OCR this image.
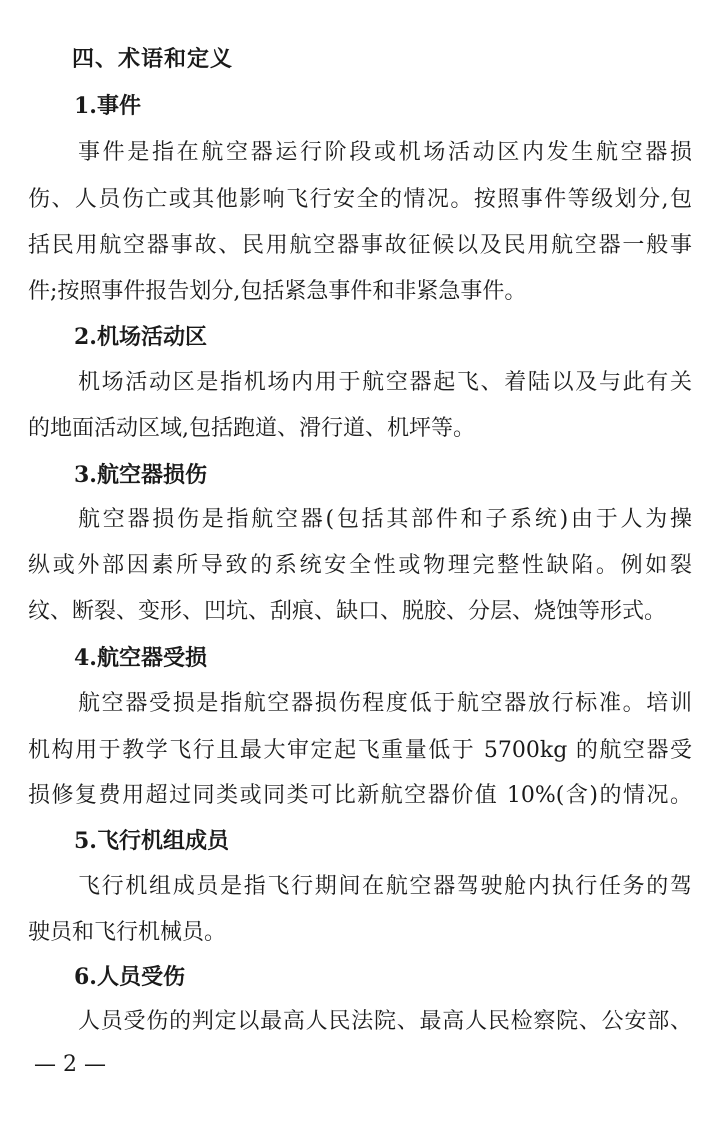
四、术语和定义
1.事件
事件是指在航空器运行阶段或机场活动区内发生航空器损
伤、人员伤亡或其他影响飞行安全的情况。按照事件等级划分,包
括民用航空器事故、民用航空器事故征候以及民用航空器一般事
件;按照事件报告划分,包括紧急事件和非紧急事件。
2.机场活动区
机场活动区是指机场内用于航空器起飞、着陆以及与此有关
的地面活动区域,包括跑道、滑行道、机坪等。
3.航空器损伤
航空器损伤是指航空器(包括其部件和子系统)由于人为操
纵或外部因素所导致的系统安全性或物理完整性缺陷。例如裂
纹、断裂、变形、凹坑、刮痕、缺口、脱胶、分层、烧蚀等形式。
4.航空器受损
航空器受损是指航空器损伤程度低于航空器放行标准。培训
机构用于教学飞行且最大审定起飞重量低于 5700kg 的航空器受
损修复费用超过同类或同类可比新航空器价值 10%(含)的情况。
5.飞行机组成员
飞行机组成员是指飞行期间在航空器驾驶舱内执行任务的驾
驶员和飞行机械员。
6.人员受伤
人员受伤的判定以最高人民法院、最高人民检察院、公安部、
— 2 —
